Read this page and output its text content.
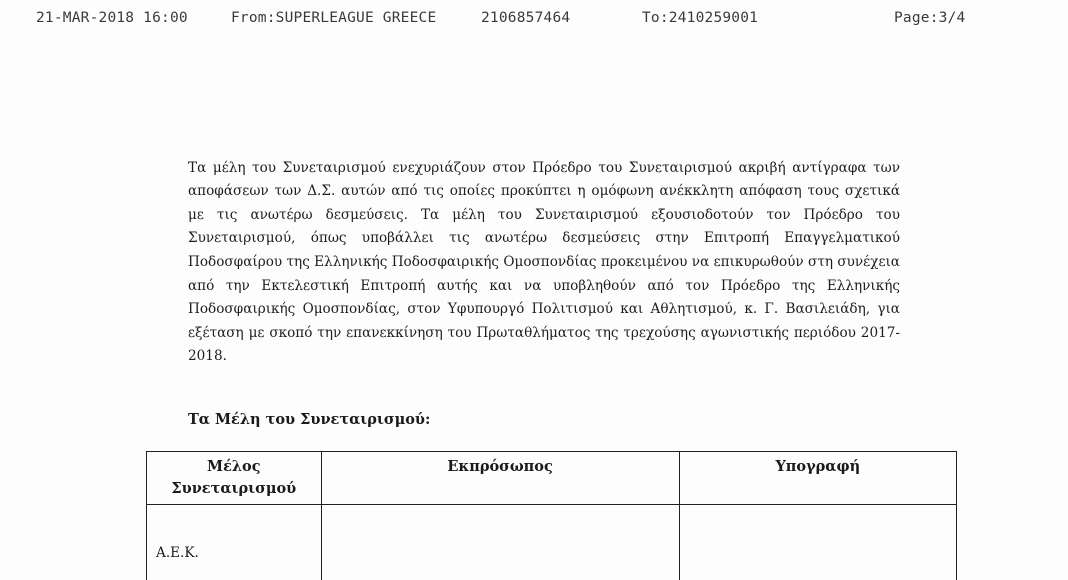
21-MAR-2018 16:00	From:SUPERLEAGUE GREECE	2106857464	To:2410259001	Page:3/4

Τα μέλη του Συνεταιρισμού ενεχυριάζουν στον Πρόεδρο του Συνεταιρισμού ακριβή αντίγραφα των αποφάσεων των Δ.Σ. αυτών από τις οποίες προκύπτει η ομόφωνη ανέκκλητη απόφαση τους σχετικά με τις ανωτέρω δεσμεύσεις. Τα μέλη του Συνεταιρισμού εξουσιοδοτούν τον Πρόεδρο του Συνεταιρισμού, όπως υποβάλλει τις ανωτέρω δεσμεύσεις στην Επιτροπή Επαγγελματικού Ποδοσφαίρου της Ελληνικής Ποδοσφαιρικής Ομοσπονδίας προκειμένου να επικυρωθούν στη συνέχεια από την Εκτελεστική Επιτροπή αυτής και να υποβληθούν από τον Πρόεδρο της Ελληνικής Ποδοσφαιρικής Ομοσπονδίας, στον Υφυπουργό Πολιτισμού και Αθλητισμού, κ. Γ. Βασιλειάδη, για εξέταση με σκοπό την επανεκκίνηση του Πρωταθλήματος της τρεχούσης αγωνιστικής περιόδου 2017-2018.

Τα Μέλη του Συνεταιρισμού:
Μέλος
Συνεταιρισμού	Εκπρόσωπος	Υπογραφή
Α.Ε.Κ.		
